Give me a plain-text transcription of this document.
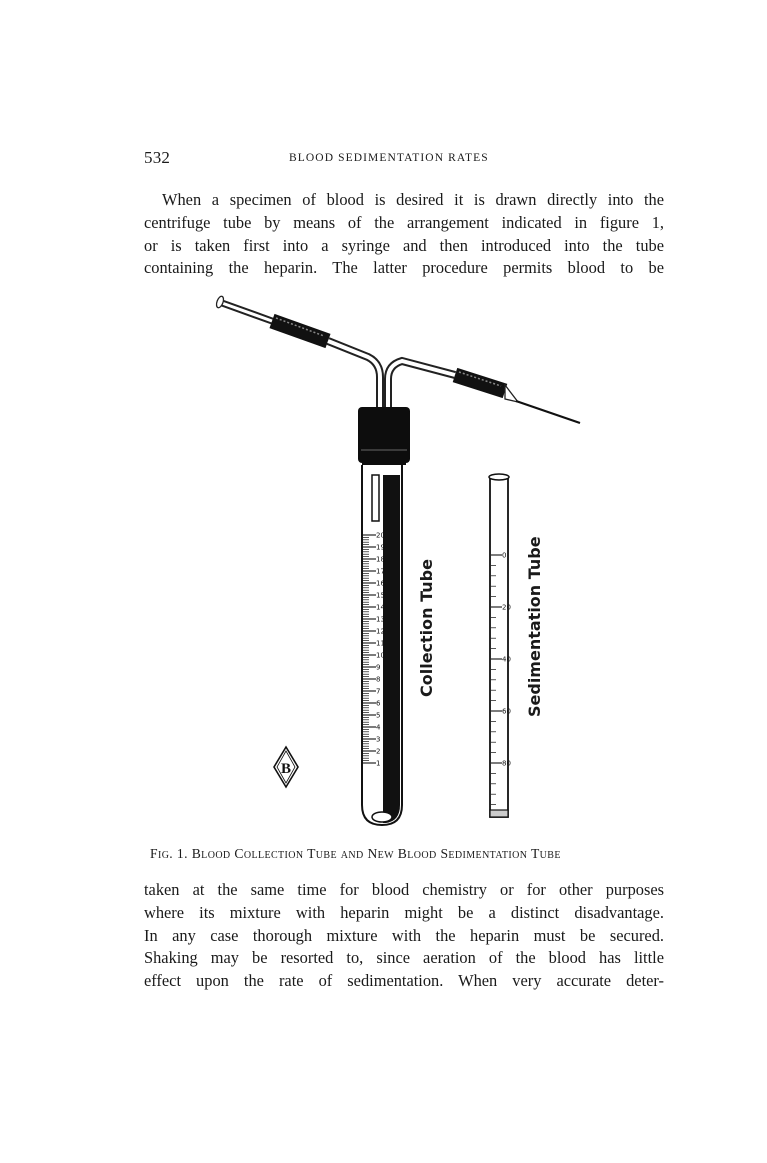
532	BLOOD SEDIMENTATION RATES
When a specimen of blood is desired it is drawn directly into the
centrifuge tube by means of the arrangement indicated in figure 1,
or is taken first into a syringe and then introduced into the tube
containing the heparin. The latter procedure permits blood to be
20
19
18
17
16
15
14
13
12
11
10
9
8
7
6
5
4
3
2
1
Collection Tube
0
20
40
60
80
Sedimentation Tube
B
Fig. 1. Blood Collection Tube and New Blood Sedimentation Tube
taken at the same time for blood chemistry or for other purposes
where its mixture with heparin might be a distinct disadvantage.
In any case thorough mixture with the heparin must be secured.
Shaking may be resorted to, since aeration of the blood has little
effect upon the rate of sedimentation. When very accurate deter-
